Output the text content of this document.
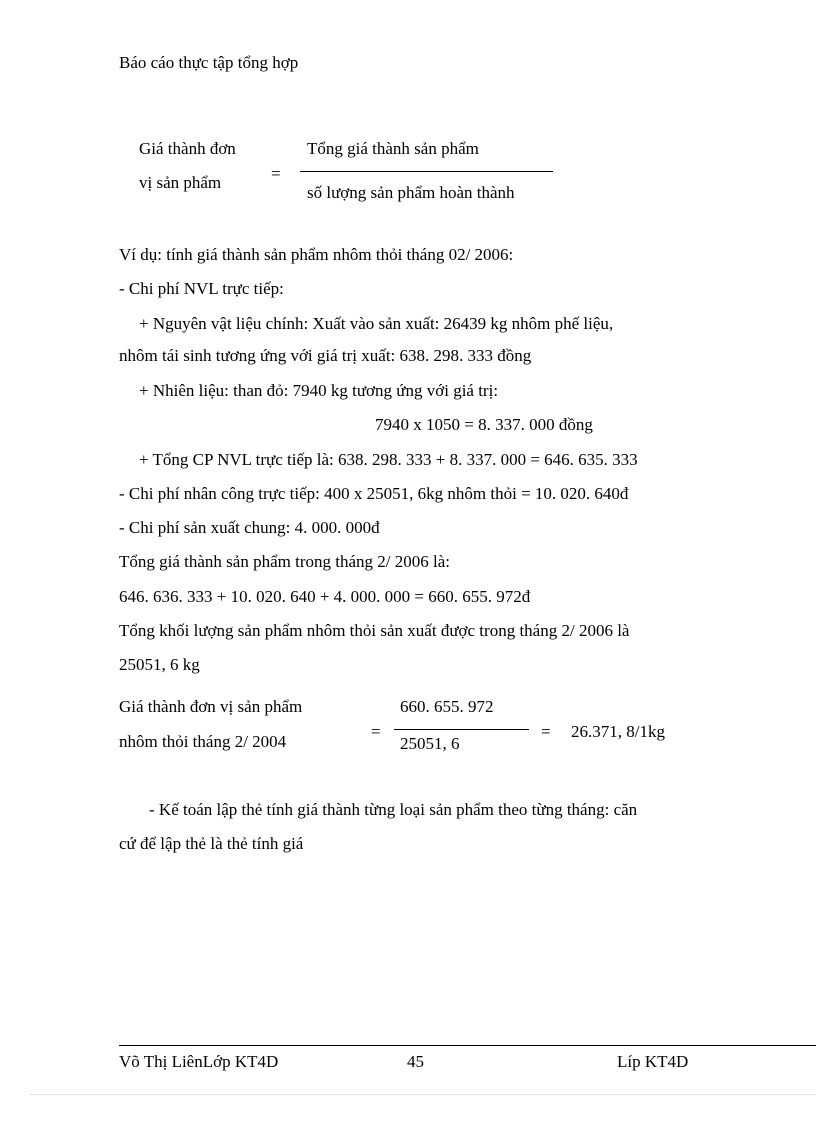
Báo cáo thực tập tổng hợp
Giá thành đơn
vị sản phẩm	=
Tổng giá thành sản phẩm
số lượng sản phẩm hoàn thành
Ví dụ: tính giá thành sản phẩm nhôm thỏi tháng 02/ 2006:
- Chi phí NVL trực tiếp:
+ Nguyên vật liệu chính: Xuất vào sản xuất: 26439 kg nhôm phế liệu,
nhôm tái sinh tương ứng với giá trị xuất: 638. 298. 333 đồng
+ Nhiên liệu: than đỏ: 7940 kg tương ứng với giá trị:
7940 x 1050 = 8. 337. 000 đồng
+ Tổng CP NVL trực tiếp là: 638. 298. 333 + 8. 337. 000 = 646. 635. 333
- Chi phí nhân công trực tiếp: 400 x 25051, 6kg nhôm thỏi = 10. 020. 640đ
- Chi phí sản xuất chung: 4. 000. 000đ
Tổng giá thành sản phẩm trong tháng 2/ 2006 là:
646. 636. 333 + 10. 020. 640 + 4. 000. 000 = 660. 655. 972đ
Tổng khối lượng sản phẩm nhôm thỏi sản xuất được trong tháng 2/ 2006 là
25051, 6 kg
Giá thành đơn vị sản phẩm
nhôm thỏi tháng 2/ 2004
=
660. 655. 972
25051, 6
= 26.371, 8/1kg
- Kế toán lập thẻ tính giá thành từng loại sản phẩm theo từng tháng: căn
cứ để lập thẻ là thẻ tính giá
Võ Thị LiênLớp KT4D	45	Líp KT4D
